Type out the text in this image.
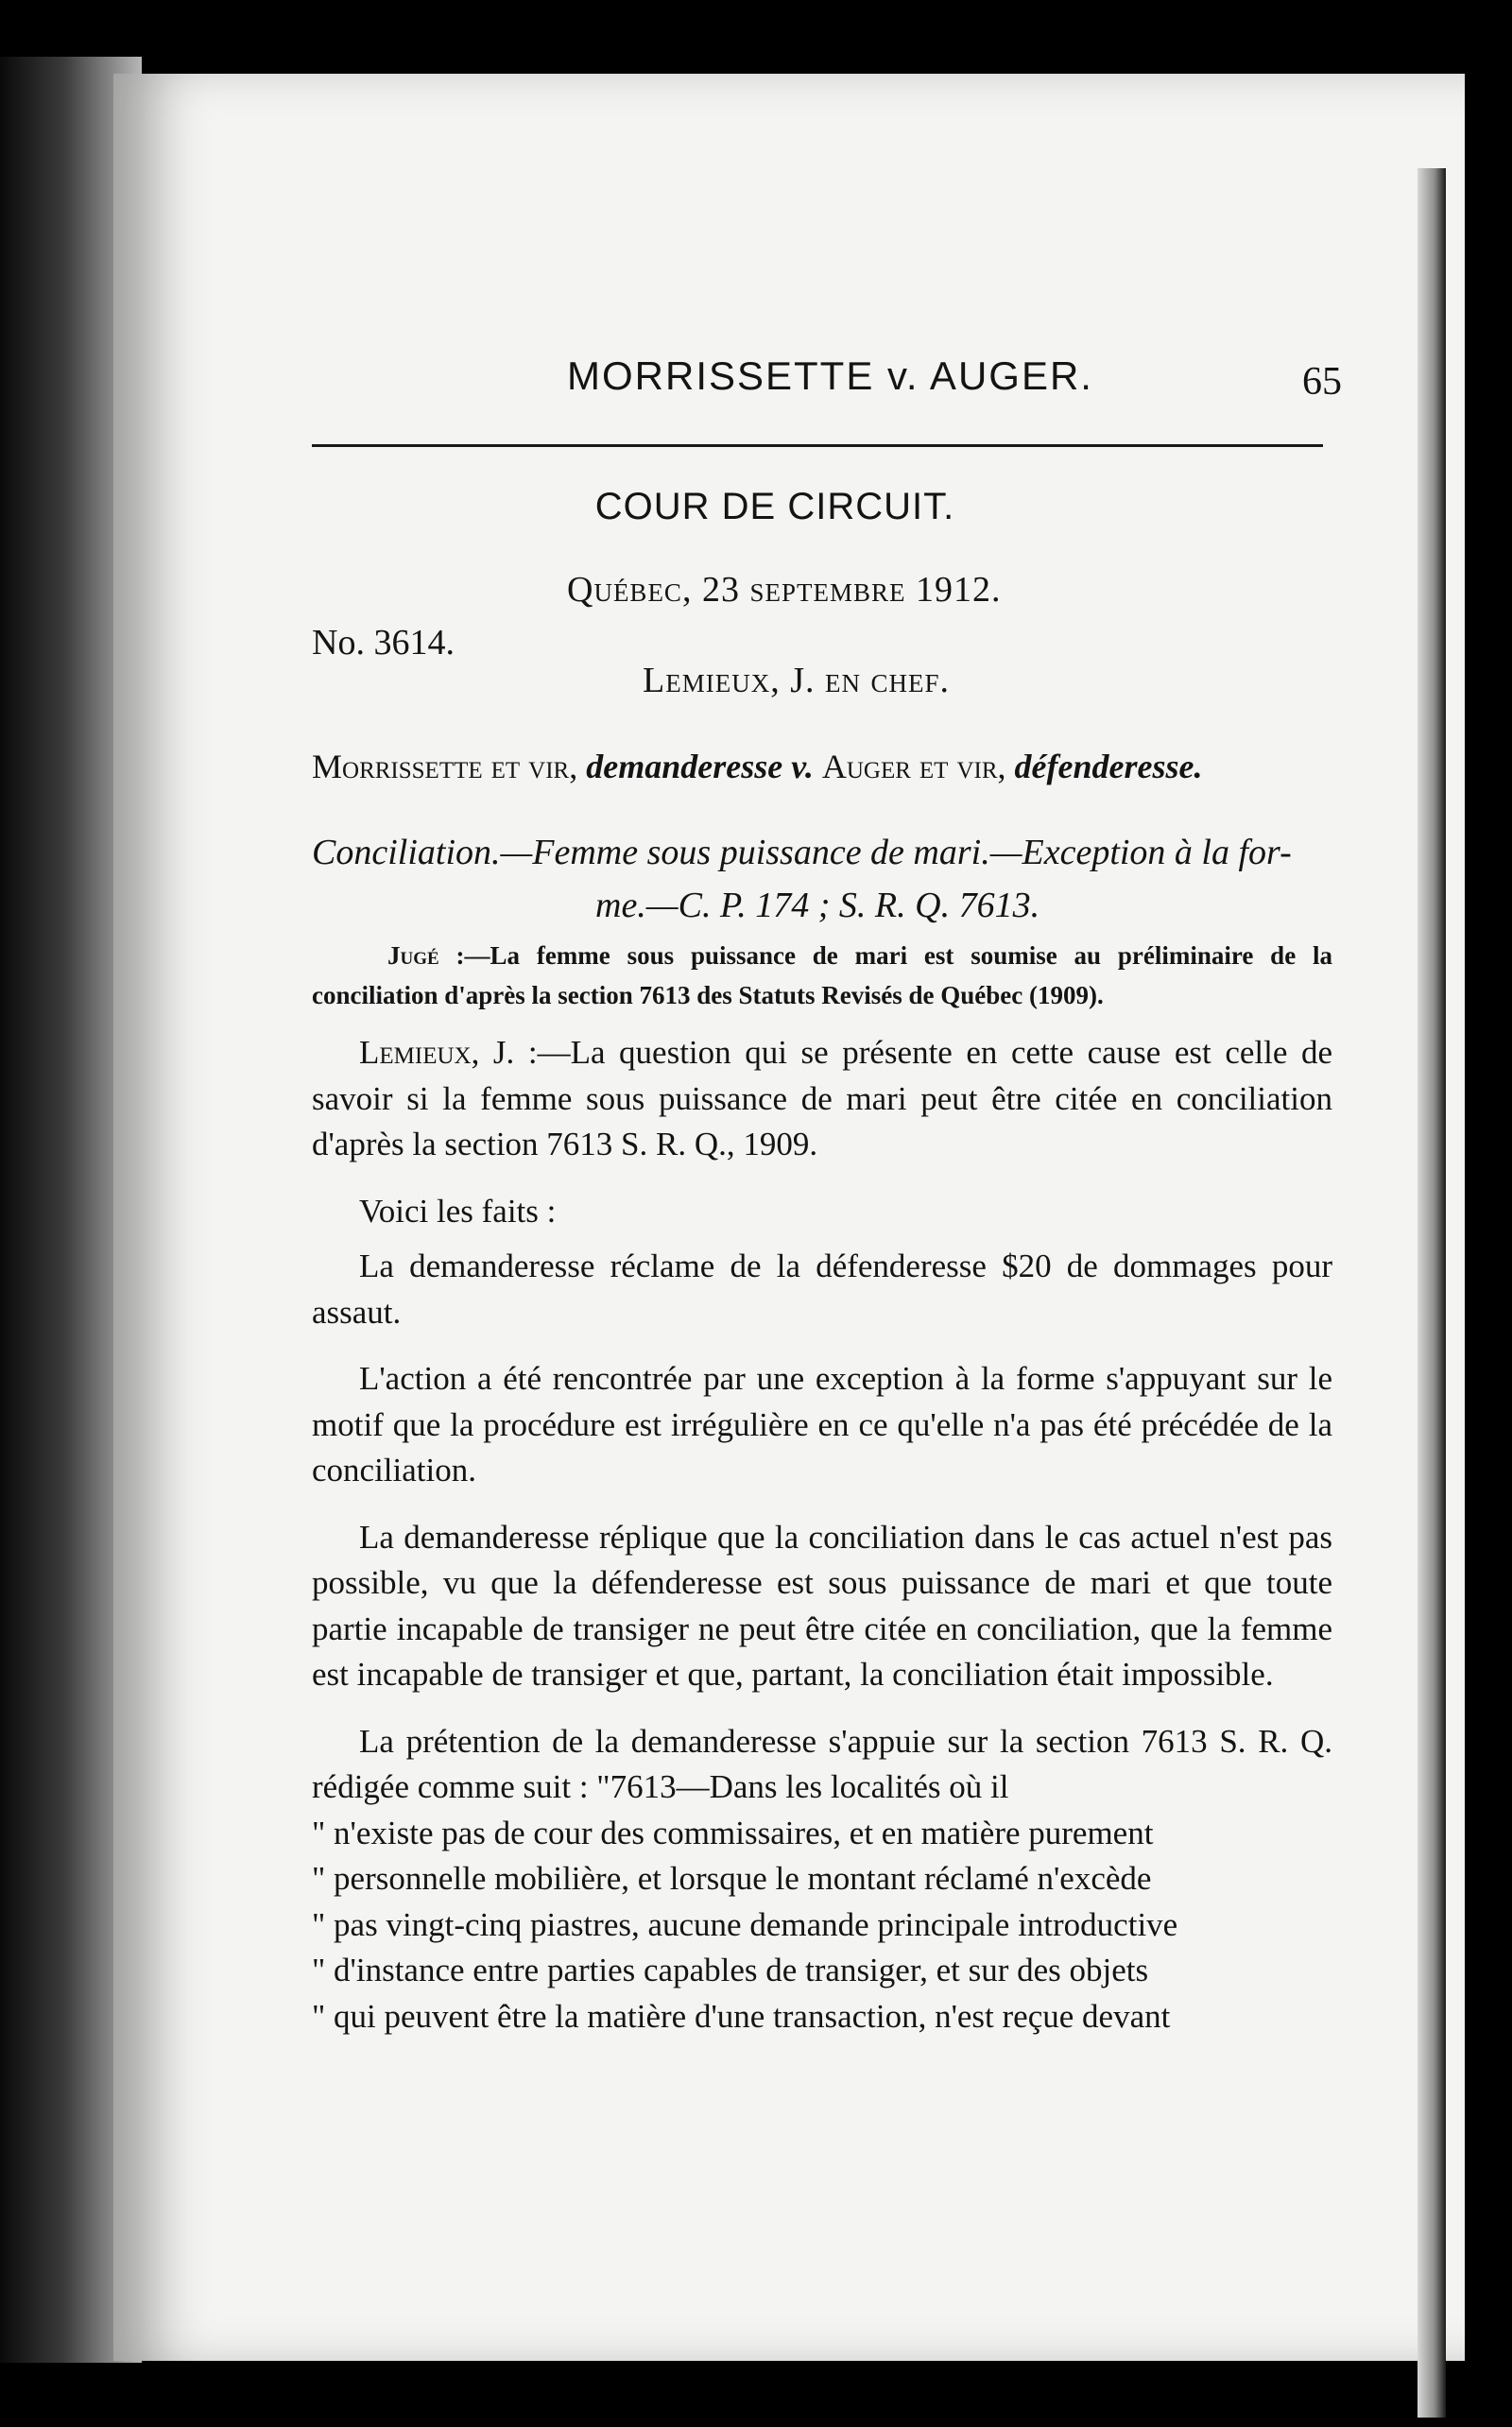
MORRISSETTE v. AUGER.	65
COUR DE CIRCUIT.
Québec, 23 septembre 1912.
No. 3614.
Lemieux, J. en chef.
Morrissette et vir, demanderesse v. Auger et vir, défenderesse.
Conciliation.—Femme sous puissance de mari.—Exception à la for-
me.—C. P. 174 ; S. R. Q. 7613.
Jugé :—La femme sous puissance de mari est soumise au préliminaire de la conciliation d'après la section 7613 des Statuts Revisés de Québec (1909).

Lemieux, J. :—La question qui se présente en cette cause est celle de savoir si la femme sous puissance de mari peut être citée en conciliation d'après la section 7613 S. R. Q., 1909.

Voici les faits :

La demanderesse réclame de la défenderesse $20 de dommages pour assaut.

L'action a été rencontrée par une exception à la forme s'appuyant sur le motif que la procédure est irrégulière en ce qu'elle n'a pas été précédée de la conciliation.

La demanderesse réplique que la conciliation dans le cas actuel n'est pas possible, vu que la défenderesse est sous puissance de mari et que toute partie incapable de transiger ne peut être citée en conciliation, que la femme est incapable de transiger et que, partant, la conciliation était impossible.

La prétention de la demanderesse s'appuie sur la section 7613 S. R. Q. rédigée comme suit : "7613—Dans les localités où il
" n'existe pas de cour des commissaires, et en matière purement
" personnelle mobilière, et lorsque le montant réclamé n'excède
" pas vingt-cinq piastres, aucune demande principale introductive
" d'instance entre parties capables de transiger, et sur des objets
" qui peuvent être la matière d'une transaction, n'est reçue devant
